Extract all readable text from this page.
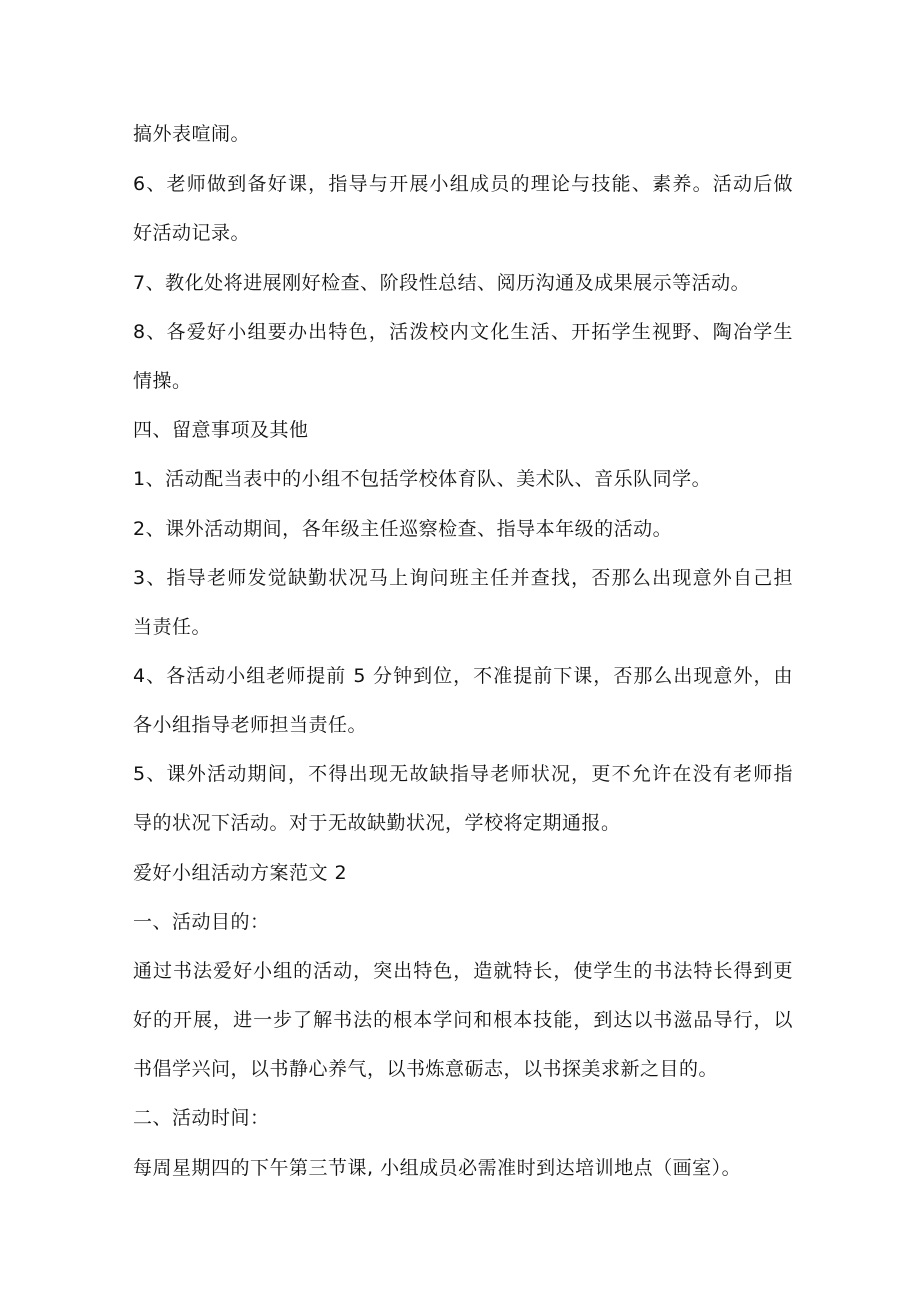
搞外表喧闹。
6、老师做到备好课，指导与开展小组成员的理论与技能、素养。活动后做
好活动记录。
7、教化处将进展刚好检查、阶段性总结、阅历沟通及成果展示等活动。
8、各爱好小组要办出特色，活泼校内文化生活、开拓学生视野、陶冶学生
情操。
四、留意事项及其他
1、活动配当表中的小组不包括学校体育队、美术队、音乐队同学。
2、课外活动期间，各年级主任巡察检查、指导本年级的活动。
3、指导老师发觉缺勤状况马上询问班主任并查找，否那么出现意外自己担
当责任。
4、各活动小组老师提前 5 分钟到位，不准提前下课，否那么出现意外，由
各小组指导老师担当责任。
5、课外活动期间，不得出现无故缺指导老师状况，更不允许在没有老师指
导的状况下活动。对于无故缺勤状况，学校将定期通报。
爱好小组活动方案范文 2
一、活动目的：
通过书法爱好小组的活动，突出特色，造就特长，使学生的书法特长得到更
好的开展，进一步了解书法的根本学问和根本技能，到达以书滋品导行，以
书倡学兴问，以书静心养气，以书炼意砺志，以书探美求新之目的。
二、活动时间：
每周星期四的下午第三节课, 小组成员必需准时到达培训地点（画室）。
